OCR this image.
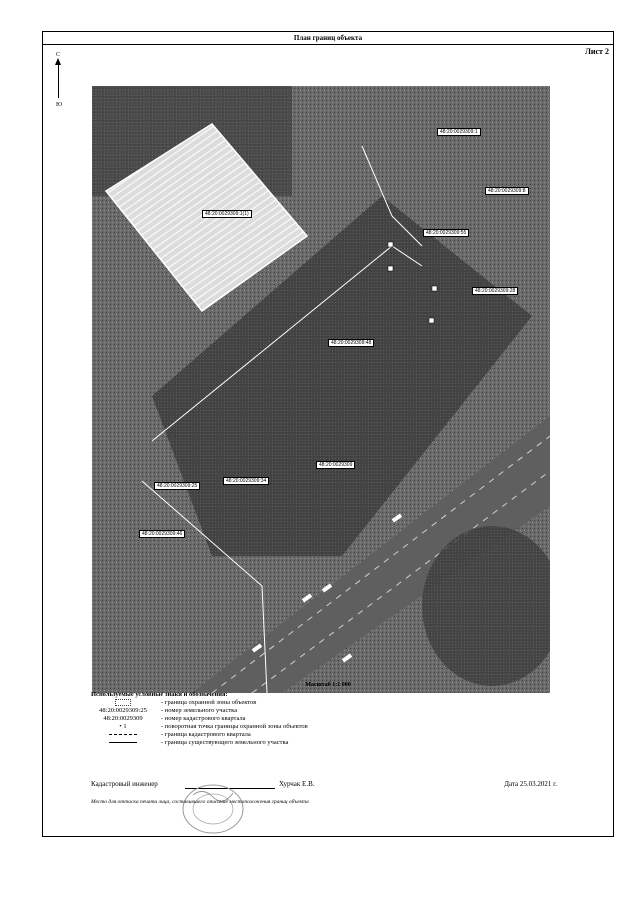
План границ объекта
Лист 2
С
Ю
48:20:0029309:1
48:20:0029309:8
48:20:0029309:1(1)
48:20:0029309:55
48:20:0029309:28
48:20:0029309:48
48:20:0029309
48:20:0029309:34
48:20:0029309:25
48:20:0029309:46
Масштаб 1:1 000
Используемые условные знаки и обозначения:
- граница охранной зоны объектов
48:20:0029309:25	- номер земельного участка
48:20:0029309	- номер кадастрового квартала
• 1	- поворотная точка границы охранной зоны объектов
- граница кадастрового квартала
- граница существующего земельного участка
Кадастровый инженер	Хурчак Е.В.	Дата 25.03.2021 г.
Место для оттиска печати лица, составившего описание местоположения границ объекта
